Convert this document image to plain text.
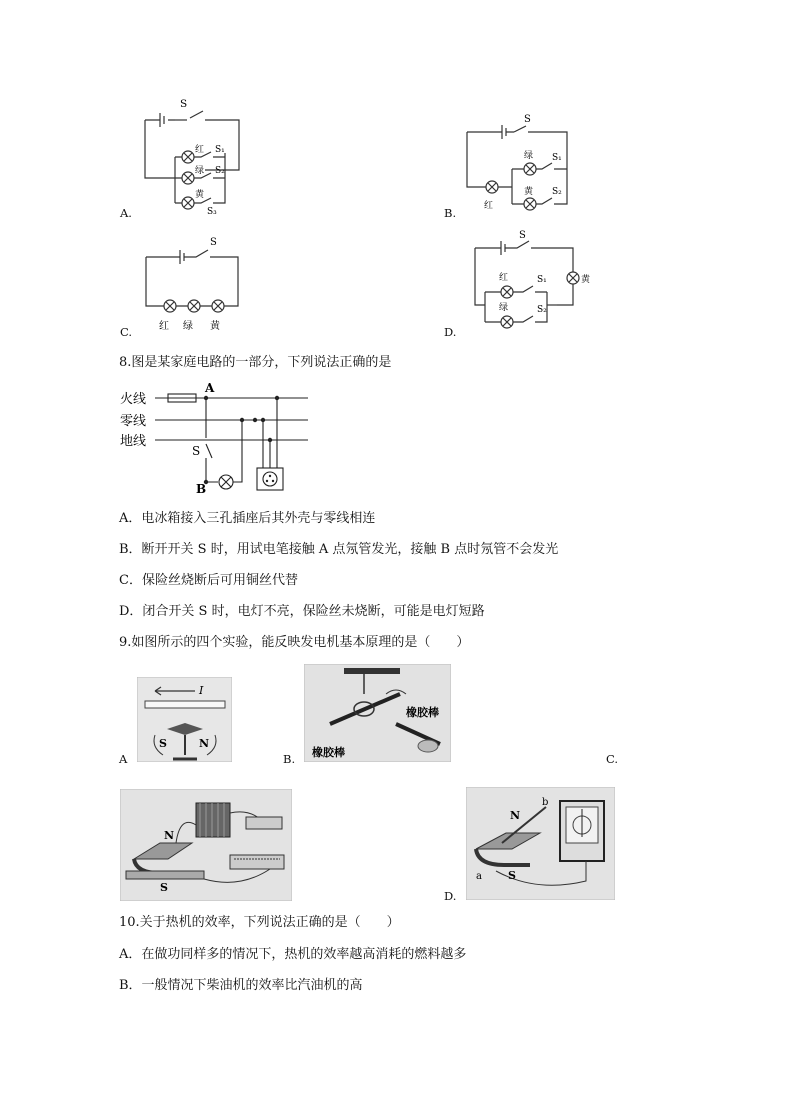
A.
S
红
绿
黄
S₁
S₂
S₃	B.
S
红
绿
黄
S₁
S₂
C.
S
红 绿 黄	D.
S
红
绿
黄
S₁
S₂
8.图是某家庭电路的一部分，下列说法正确的是
火线
零线
地线
A
S
B
A．电冰箱接入三孔插座后其外壳与零线相连
B．断开开关 S 时，用试电笔接触 A 点氖管发光，接触 B 点时氖管不会发光
C．保险丝烧断后可用铜丝代替
D．闭合开关 S 时，电灯不亮，保险丝未烧断，可能是电灯短路
9.如图所示的四个实验，能反映发电机基本原理的是（　　）
I
S	N
A
橡胶棒
橡胶棒
B.	C.
N
S
N
S
a
b
D.
10.关于热机的效率，下列说法正确的是（　　）
A．在做功同样多的情况下，热机的效率越高消耗的燃料越多
B．一般情况下柴油机的效率比汽油机的高
